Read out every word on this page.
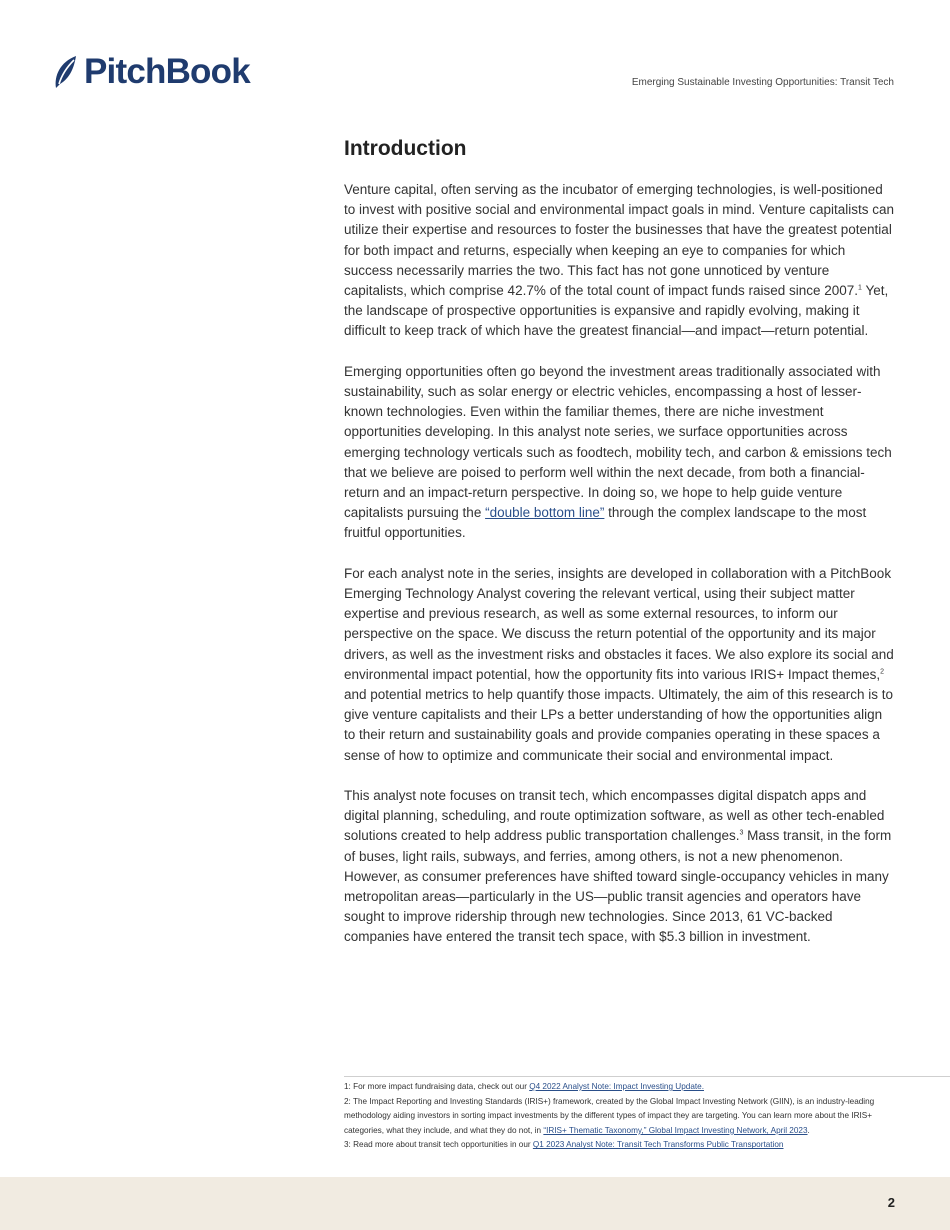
PitchBook	Emerging Sustainable Investing Opportunities: Transit Tech
Introduction

Venture capital, often serving as the incubator of emerging technologies, is well-positioned to invest with positive social and environmental impact goals in mind. Venture capitalists can utilize their expertise and resources to foster the businesses that have the greatest potential for both impact and returns, especially when keeping an eye to companies for which success necessarily marries the two. This fact has not gone unnoticed by venture capitalists, which comprise 42.7% of the total count of impact funds raised since 2007.$^1$ Yet, the landscape of prospective opportunities is expansive and rapidly evolving, making it difficult to keep track of which have the greatest financial—and impact—return potential.

Emerging opportunities often go beyond the investment areas traditionally associated with sustainability, such as solar energy or electric vehicles, encompassing a host of lesser-known technologies. Even within the familiar themes, there are niche investment opportunities developing. In this analyst note series, we surface opportunities across emerging technology verticals such as foodtech, mobility tech, and carbon & emissions tech that we believe are poised to perform well within the next decade, from both a financial-return and an impact-return perspective. In doing so, we hope to help guide venture capitalists pursuing the “double bottom line” through the complex landscape to the most fruitful opportunities.

For each analyst note in the series, insights are developed in collaboration with a PitchBook Emerging Technology Analyst covering the relevant vertical, using their subject matter expertise and previous research, as well as some external resources, to inform our perspective on the space. We discuss the return potential of the opportunity and its major drivers, as well as the investment risks and obstacles it faces. We also explore its social and environmental impact potential, how the opportunity fits into various IRIS+ Impact themes,$^2$ and potential metrics to help quantify those impacts. Ultimately, the aim of this research is to give venture capitalists and their LPs a better understanding of how the opportunities align to their return and sustainability goals and provide companies operating in these spaces a sense of how to optimize and communicate their social and environmental impact.

This analyst note focuses on transit tech, which encompasses digital dispatch apps and digital planning, scheduling, and route optimization software, as well as other tech-enabled solutions created to help address public transportation challenges.$^3$ Mass transit, in the form of buses, light rails, subways, and ferries, among others, is not a new phenomenon. However, as consumer preferences have shifted toward single-occupancy vehicles in many metropolitan areas—particularly in the US—public transit agencies and operators have sought to improve ridership through new technologies. Since 2013, 61 VC-backed companies have entered the transit tech space, with $5.3 billion in investment.

1: For more impact fundraising data, check out our Q4 2022 Analyst Note: Impact Investing Update.
2: The Impact Reporting and Investing Standards (IRIS+) framework, created by the Global Impact Investing Network (GIIN), is an industry-leading methodology aiding investors in sorting impact investments by the different types of impact they are targeting. You can learn more about the IRIS+ categories, what they include, and what they do not, in “IRIS+ Thematic Taxonomy,” Global Impact Investing Network, April 2023.
3: Read more about transit tech opportunities in our Q1 2023 Analyst Note: Transit Tech Transforms Public Transportation
2
